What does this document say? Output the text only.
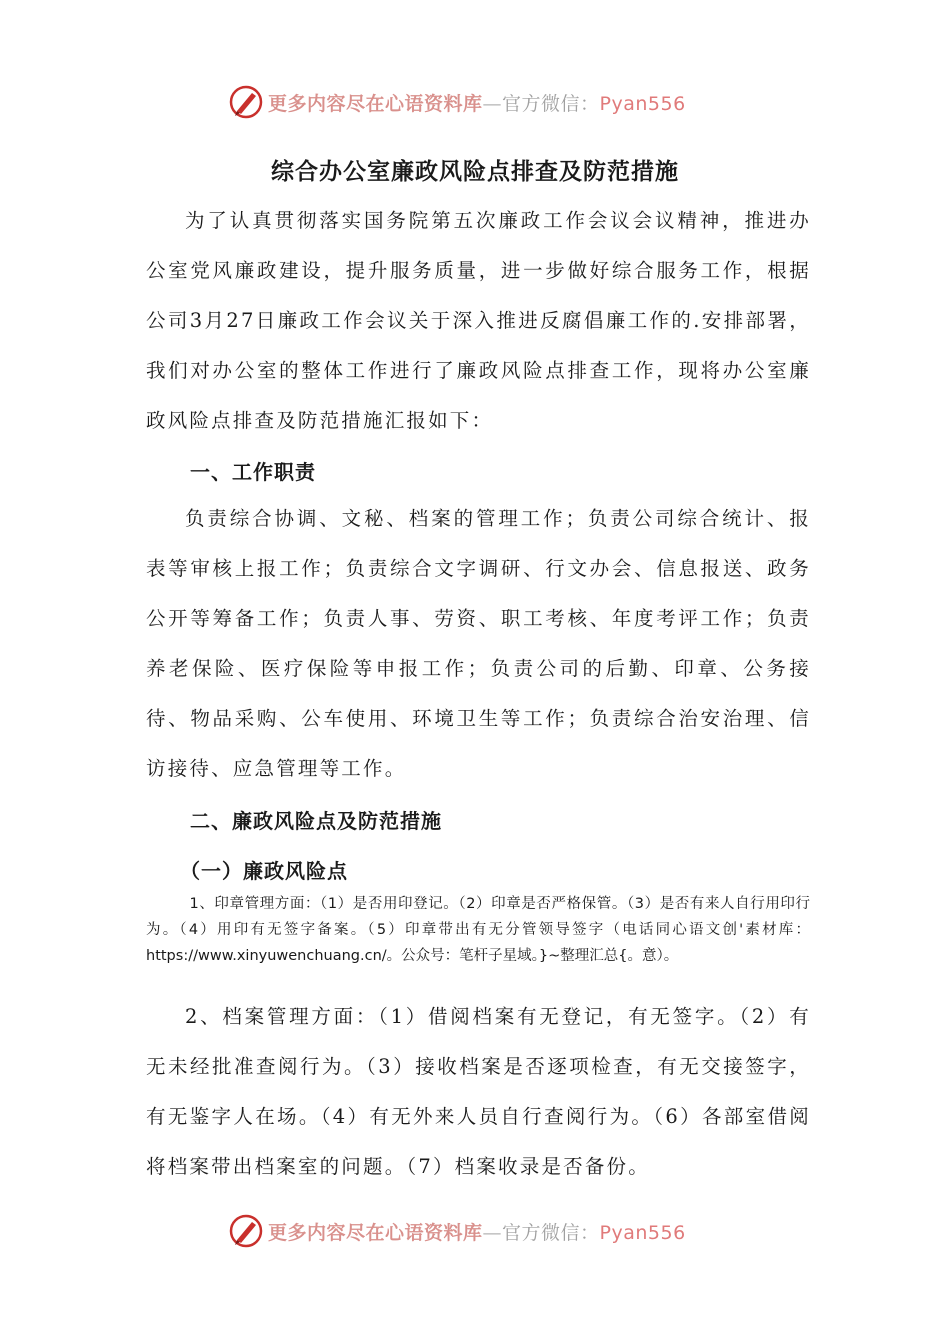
更多内容尽在心语资料库—官方微信：Pyan556
综合办公室廉政风险点排查及防范措施

为了认真贯彻落实国务院第五次廉政工作会议会议精神，推进办公室党风廉政建设，提升服务质量，进一步做好综合服务工作，根据公司3月27日廉政工作会议关于深入推进反腐倡廉工作的.安排部署，我们对办公室的整体工作进行了廉政风险点排查工作，现将办公室廉政风险点排查及防范措施汇报如下：

一、工作职责

负责综合协调、文秘、档案的管理工作；负责公司综合统计、报表等审核上报工作；负责综合文字调研、行文办会、信息报送、政务公开等筹备工作；负责人事、劳资、职工考核、年度考评工作；负责养老保险、医疗保险等申报工作；负责公司的后勤、印章、公务接待、物品采购、公车使用、环境卫生等工作；负责综合治安治理、信访接待、应急管理等工作。

二、廉政风险点及防范措施
（一）廉政风险点

1、印章管理方面：（1）是否用印登记。（2）印章是否严格保管。（3）是否有来人自行用印行为。（4）用印有无签字备案。（5）印章带出有无分管领导签字（电话同心语文创'素材库：https://www.xinyuwenchuang.cn/。公众号：笔杆子星域。}~整理汇总{。意）。

2、档案管理方面：（1）借阅档案有无登记，有无签字。（2）有无未经批准查阅行为。（3）接收档案是否逐项检查，有无交接签字，有无鉴字人在场。（4）有无外来人员自行查阅行为。（6）各部室借阅将档案带出档案室的问题。（7）档案收录是否备份。

更多内容尽在心语资料库—官方微信：Pyan556
